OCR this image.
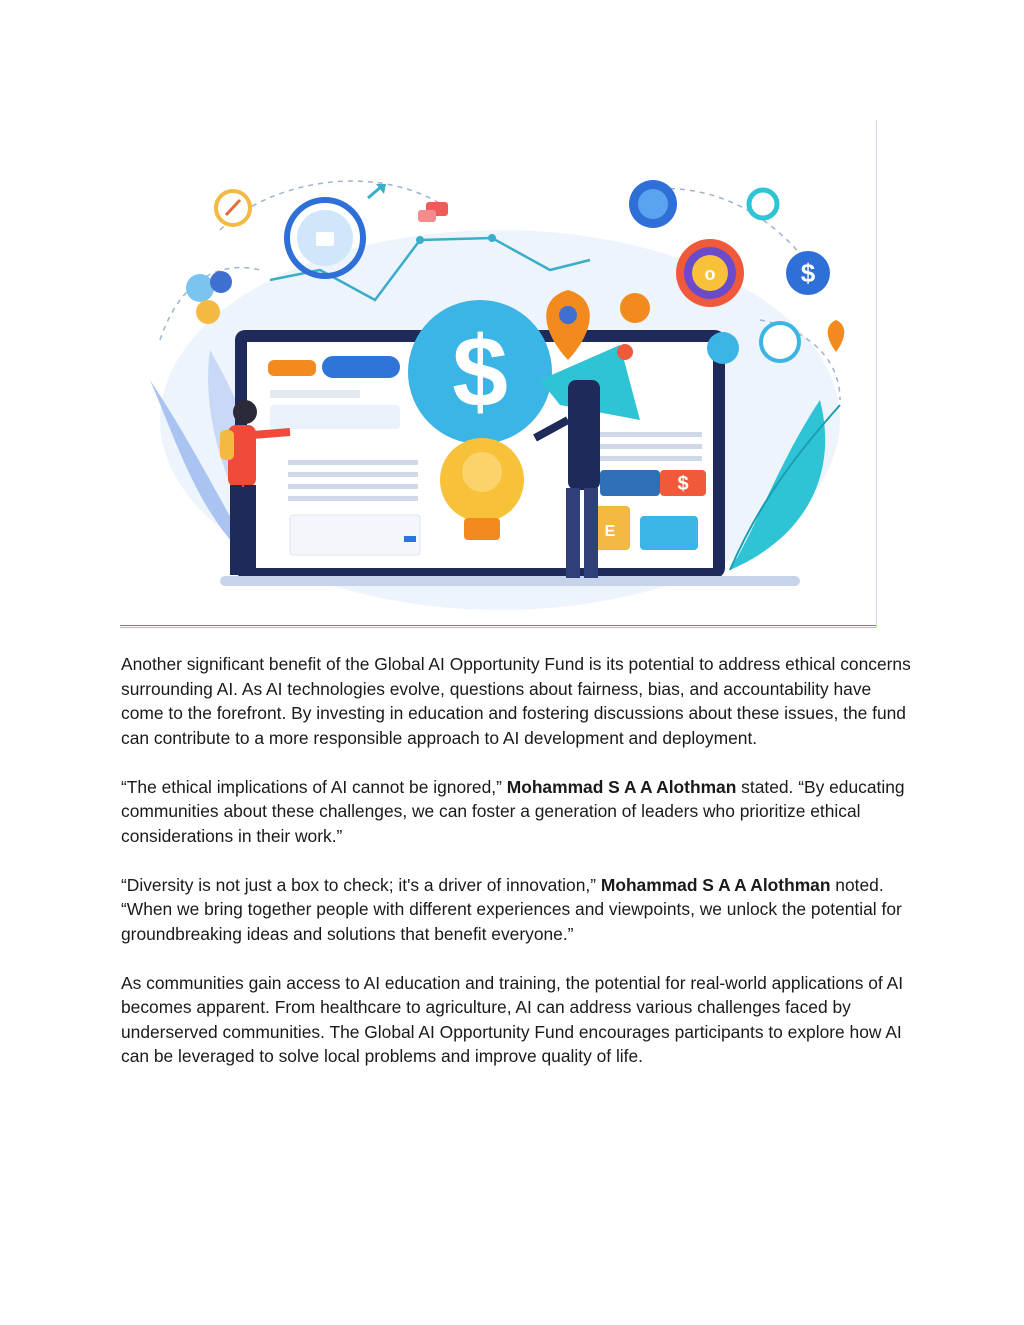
$
E
$
o	$

Another significant benefit of the Global AI Opportunity Fund is its potential to address ethical concerns surrounding AI. As AI technologies evolve, questions about fairness, bias, and accountability have come to the forefront. By investing in education and fostering discussions about these issues, the fund can contribute to a more responsible approach to AI development and deployment.

“The ethical implications of AI cannot be ignored,” Mohammad S A A Alothman stated. “By educating communities about these challenges, we can foster a generation of leaders who prioritize ethical considerations in their work.”

“Diversity is not just a box to check; it's a driver of innovation,” Mohammad S A A Alothman noted. “When we bring together people with different experiences and viewpoints, we unlock the potential for groundbreaking ideas and solutions that benefit everyone.”

As communities gain access to AI education and training, the potential for real-world applications of AI becomes apparent. From healthcare to agriculture, AI can address various challenges faced by underserved communities. The Global AI Opportunity Fund encourages participants to explore how AI can be leveraged to solve local problems and improve quality of life.
